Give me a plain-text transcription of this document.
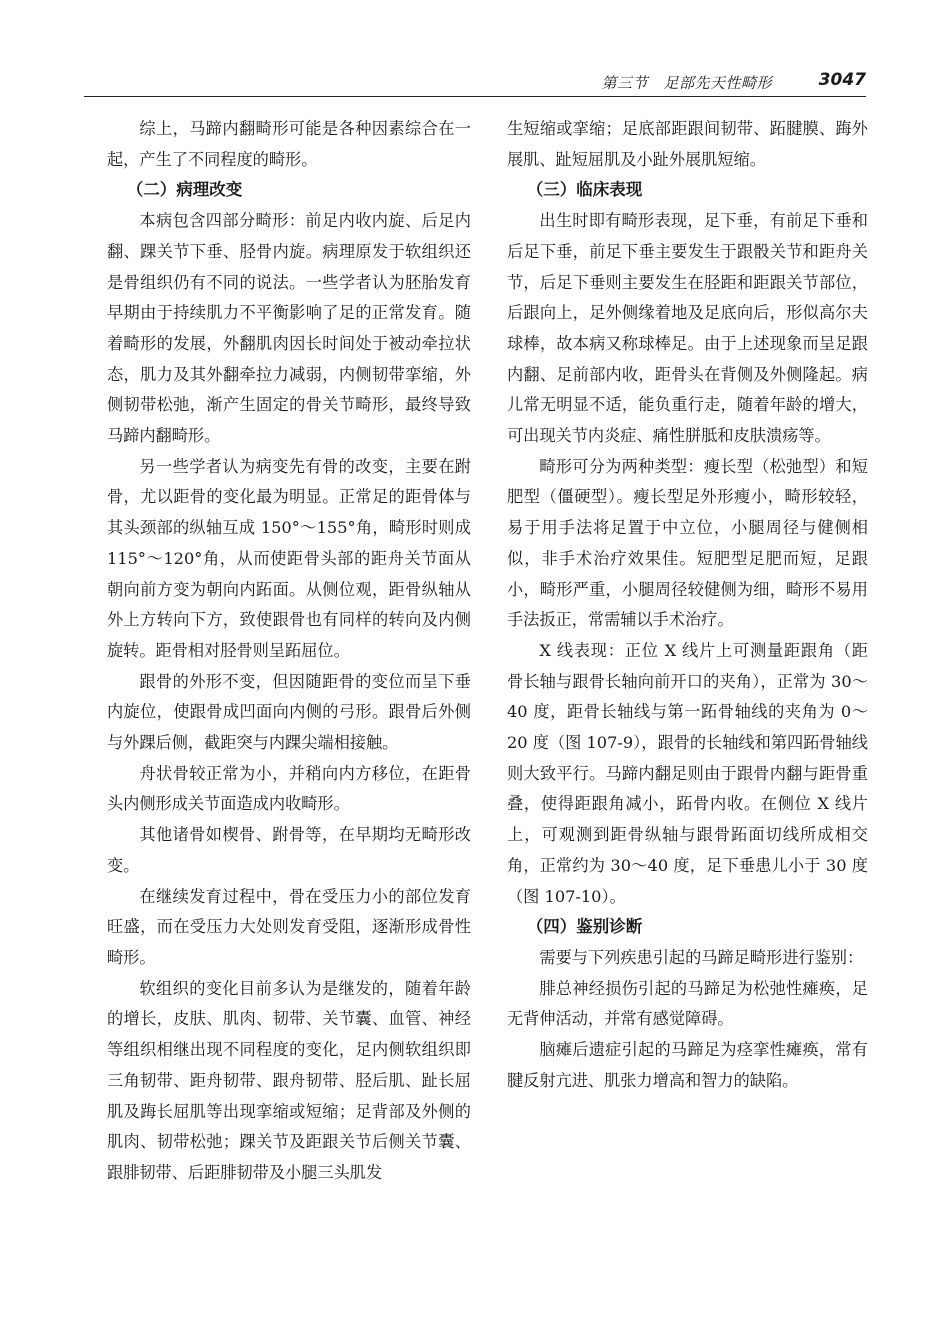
第三节　足部先天性畸形	3047

综上，马蹄内翻畸形可能是各种因素综合在一起，产生了不同程度的畸形。

（二）病理改变

本病包含四部分畸形：前足内收内旋、后足内翻、踝关节下垂、胫骨内旋。病理原发于软组织还是骨组织仍有不同的说法。一些学者认为胚胎发育早期由于持续肌力不平衡影响了足的正常发育。随着畸形的发展，外翻肌肉因长时间处于被动牵拉状态，肌力及其外翻牵拉力减弱，内侧韧带挛缩，外侧韧带松弛，渐产生固定的骨关节畸形，最终导致马蹄内翻畸形。

另一些学者认为病变先有骨的改变，主要在跗骨，尤以距骨的变化最为明显。正常足的距骨体与其头颈部的纵轴互成 150°～155°角，畸形时则成 115°～120°角，从而使距骨头部的距舟关节面从朝向前方变为朝向内跖面。从侧位观，距骨纵轴从外上方转向下方，致使跟骨也有同样的转向及内侧旋转。距骨相对胫骨则呈跖屈位。

跟骨的外形不变，但因随距骨的变位而呈下垂内旋位，使跟骨成凹面向内侧的弓形。跟骨后外侧与外踝后侧，截距突与内踝尖端相接触。

舟状骨较正常为小，并稍向内方移位，在距骨头内侧形成关节面造成内收畸形。

其他诸骨如楔骨、跗骨等，在早期均无畸形改变。

在继续发育过程中，骨在受压力小的部位发育旺盛，而在受压力大处则发育受阻，逐渐形成骨性畸形。

软组织的变化目前多认为是继发的，随着年龄的增长，皮肤、肌肉、韧带、关节囊、血管、神经等组织相继出现不同程度的变化，足内侧软组织即三角韧带、距舟韧带、跟舟韧带、胫后肌、趾长屈肌及踇长屈肌等出现挛缩或短缩；足背部及外侧的肌肉、韧带松弛；踝关节及距跟关节后侧关节囊、跟腓韧带、后距腓韧带及小腿三头肌发

生短缩或挛缩；足底部距跟间韧带、跖腱膜、踇外展肌、趾短屈肌及小趾外展肌短缩。

（三）临床表现

出生时即有畸形表现，足下垂，有前足下垂和后足下垂，前足下垂主要发生于跟骰关节和距舟关节，后足下垂则主要发生在胫距和距跟关节部位，后跟向上，足外侧缘着地及足底向后，形似高尔夫球棒，故本病又称球棒足。由于上述现象而呈足跟内翻、足前部内收，距骨头在背侧及外侧隆起。病儿常无明显不适，能负重行走，随着年龄的增大，可出现关节内炎症、痛性胼胝和皮肤溃疡等。

畸形可分为两种类型：瘦长型（松弛型）和短肥型（僵硬型）。瘦长型足外形瘦小，畸形较轻，易于用手法将足置于中立位，小腿周径与健侧相似，非手术治疗效果佳。短肥型足肥而短，足跟小，畸形严重，小腿周径较健侧为细，畸形不易用手法扳正，常需辅以手术治疗。

X 线表现：正位 X 线片上可测量距跟角（距骨长轴与跟骨长轴向前开口的夹角），正常为 30～40 度，距骨长轴线与第一跖骨轴线的夹角为 0～20 度（图 107-9），跟骨的长轴线和第四跖骨轴线则大致平行。马蹄内翻足则由于跟骨内翻与距骨重叠，使得距跟角减小，跖骨内收。在侧位 X 线片上，可观测到距骨纵轴与跟骨跖面切线所成相交角，正常约为 30～40 度，足下垂患儿小于 30 度（图 107-10）。

（四）鉴别诊断

需要与下列疾患引起的马蹄足畸形进行鉴别：

腓总神经损伤引起的马蹄足为松弛性瘫痪，足无背伸活动，并常有感觉障碍。

脑瘫后遗症引起的马蹄足为痉挛性瘫痪，常有腱反射亢进、肌张力增高和智力的缺陷。
